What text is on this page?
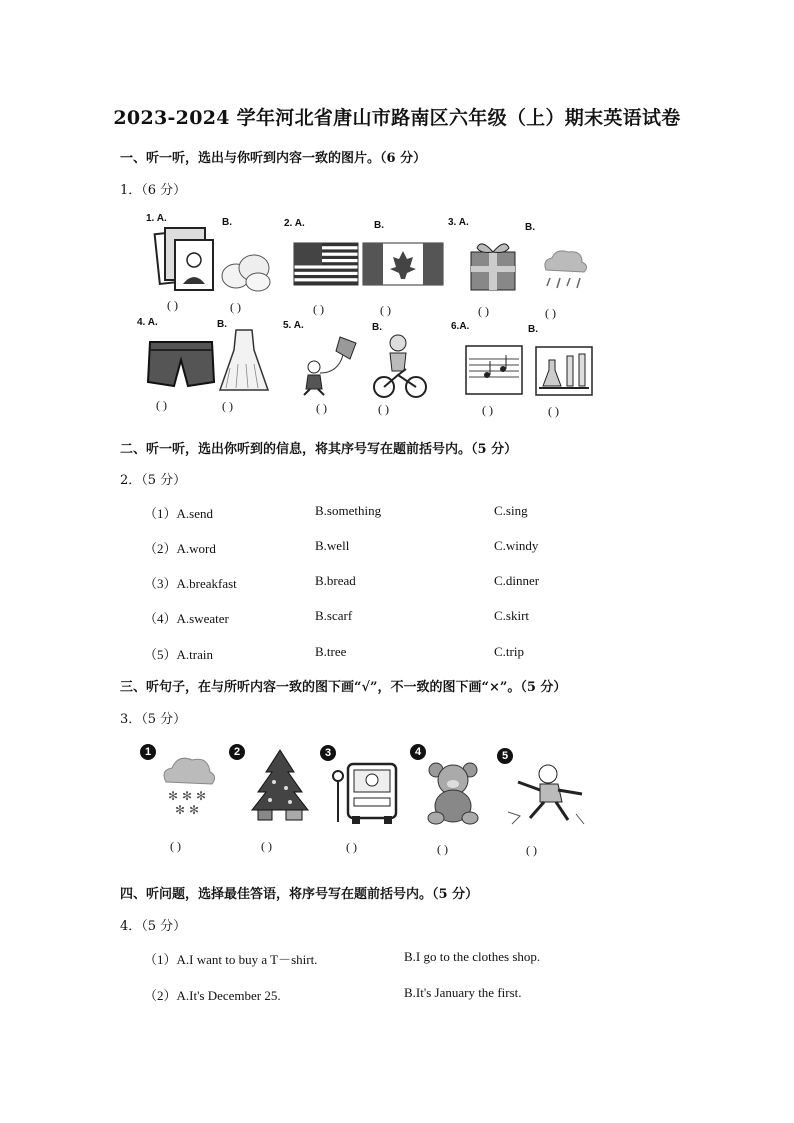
2023-2024 学年河北省唐山市路南区六年级（上）期末英语试卷
一、听一听，选出与你听到内容一致的图片。（6 分）
1．（6 分）
1. A.	B.	2. A.	B.	3. A.	B.
( )	( )	( )	( )	( )	( )
4. A.	B.	5. A.	B.	6.A.	B.
( )	( )	( )	( )	( )	( )
二、听一听，选出你听到的信息，将其序号写在题前括号内。（5 分）
2．（5 分）
（1）A.send	B.something	C.sing
（2）A.word	B.well	C.windy
（3）A.breakfast	B.bread	C.dinner
（4）A.sweater	B.scarf	C.skirt
（5）A.train	B.tree	C.trip
三、听句子，在与所听内容一致的图下画“√”，不一致的图下画“×”。（5 分）
3．（5 分）
1	2	3	4	5
✻ ✻ ✻
✻ ✻
( )	( )	( )	( )	( )
四、听问题，选择最佳答语，将序号写在题前括号内。（5 分）
4．（5 分）
（1）A.I want to buy a T－shirt.	B.I go to the clothes shop.
（2）A.It's December 25.	B.It's January the first.
